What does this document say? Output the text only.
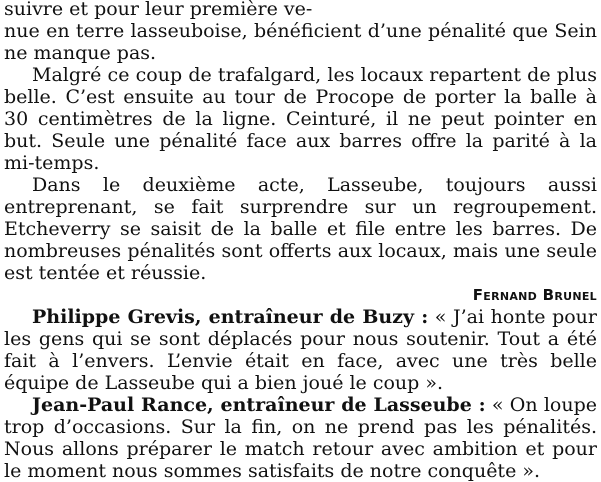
suivre et pour leur première ve-
nue en terre lasseuboise, bénéficient d’une pénalité que Sein ne manque pas.

Malgré ce coup de trafalgard, les locaux repartent de plus belle. C’est ensuite au tour de Procope de porter la balle à 30 centimètres de la ligne. Ceinturé, il ne peut pointer en but. Seule une pénalité face aux barres offre la parité à la mi-temps.

Dans le deuxième acte, Lasseube, toujours aussi entreprenant, se fait surprendre sur un regroupement. Etcheverry se saisit de la balle et file entre les barres. De nombreuses pénalités sont offerts aux locaux, mais une seule est tentée et réussie.

Fernand Brunel

Philippe Grevis, entraîneur de Buzy : « J’ai honte pour les gens qui se sont déplacés pour nous soutenir. Tout a été fait à l’envers. L’envie était en face, avec une très belle équipe de Lasseube qui a bien joué le coup ».

Jean-Paul Rance, entraîneur de Lasseube : « On loupe trop d’occasions. Sur la fin, on ne prend pas les pénalités. Nous allons préparer le match retour avec ambition et pour le moment nous sommes satisfaits de notre conquête ».
